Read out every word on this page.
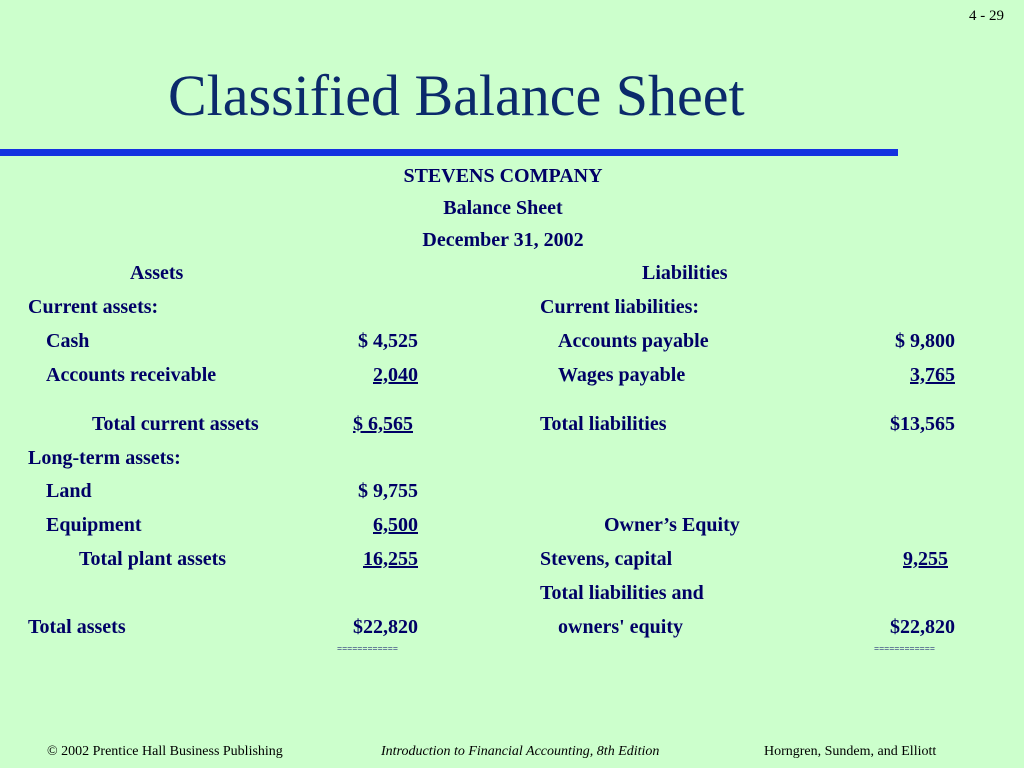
4 - 29
Classified Balance Sheet
STEVENS COMPANY
Balance Sheet
December 31, 2002
Assets
Current assets:
Cash	$ 4,525
Accounts receivable	2,040
Total current assets	$ 6,565
Long-term assets:
Land	$ 9,755
Equipment	6,500
Total plant assets	16,255
Total assets	$22,820
============
Liabilities
Current liabilities:
Accounts payable	$ 9,800
Wages payable	3,765
Total liabilities	$13,565
Owner’s Equity
Stevens, capital	9,255
Total liabilities and
owners' equity	$22,820
============
© 2002 Prentice Hall Business Publishing	Introduction to Financial Accounting, 8th Edition	Horngren, Sundem, and Elliott
